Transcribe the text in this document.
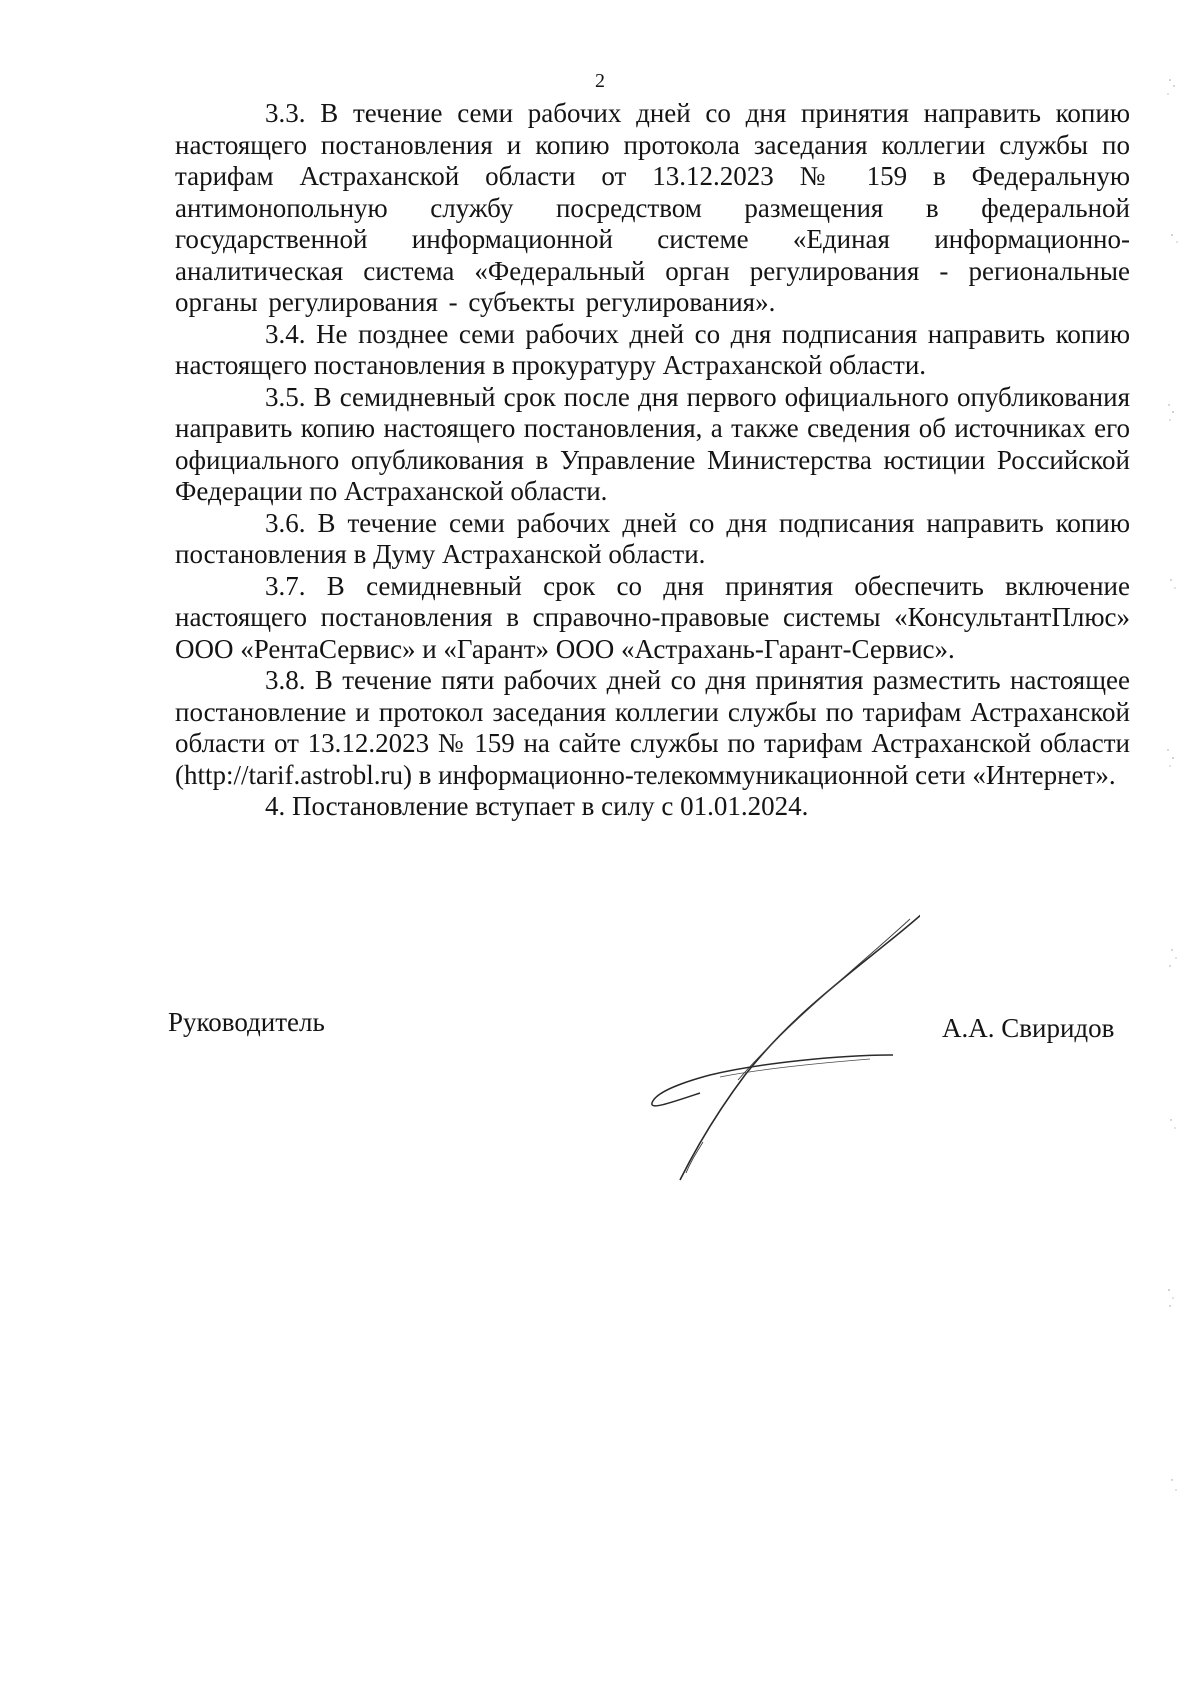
2

3.3. В течение семи рабочих дней со дня принятия направить копию настоящего постановления и копию протокола заседания коллегии службы по тарифам Астраханской области от 13.12.2023 № 159 в Федеральную антимонопольную службу посредством размещения в федеральной государственной информационной системе «Единая информационно-аналитическая система «Федеральный орган регулирования - региональные органы регулирования - субъекты регулирования».

3.4. Не позднее семи рабочих дней со дня подписания направить копию настоящего постановления в прокуратуру Астраханской области.

3.5. В семидневный срок после дня первого официального опубликования направить копию настоящего постановления, а также сведения об источниках его официального опубликования в Управление Министерства юстиции Российской Федерации по Астраханской области.

3.6. В течение семи рабочих дней со дня подписания направить копию постановления в Думу Астраханской области.

3.7. В семидневный срок со дня принятия обеспечить включение настоящего постановления в справочно-правовые системы «КонсультантПлюс» ООО «РентаСервис» и «Гарант» ООО «Астрахань-Гарант-Сервис».

3.8. В течение пяти рабочих дней со дня принятия разместить настоящее постановление и протокол заседания коллегии службы по тарифам Астраханской области от 13.12.2023 № 159 на сайте службы по тарифам Астраханской области (http://tarif.astrobl.ru) в информационно-телекоммуникационной сети «Интернет».

4. Постановление вступает в силу с 01.01.2024.

Руководитель	А.А. Свиридов
